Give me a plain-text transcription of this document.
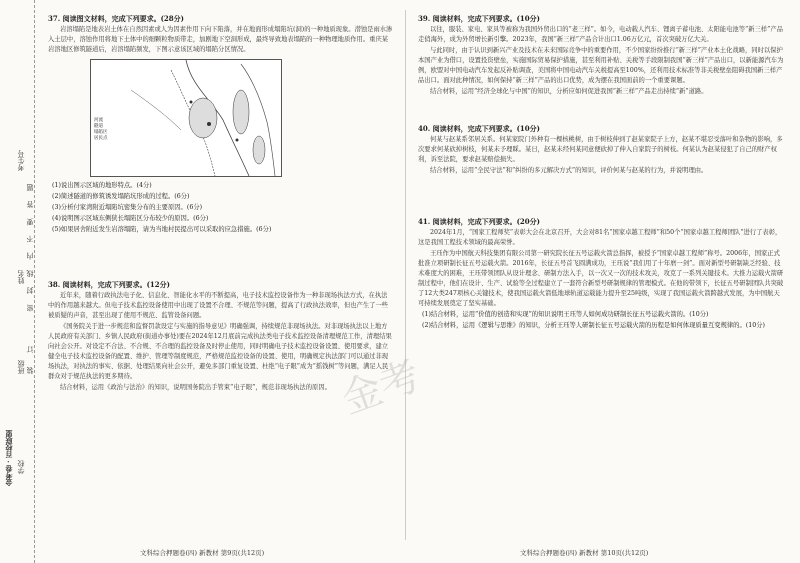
金考卷 · 百校联盟 学校
班级
姓名
考生号
密 封 线 内 不 要 答 题
装 订

37. 阅读图文材料，完成下列要求。(28分)

岩溶塌陷是地表岩土体在自然因素或人为因素作用下向下陷落，并在地面形成塌陷坑(洞)的一种地质现象。潜蚀是雨水渗入土层中，溶蚀作用将地下土体中的细颗粒物质带走，加剧地下空洞形成，最终导致地表塌陷的一种物理地质作用。重庆某岩溶地区修筑隧道后，岩溶塌陷频发，下图示意该区域的塌陷分区情况。

河流
隧道
塌陷区
居民点

(1)说出图示区域的地形特点。(4分)

(2)简述隧道的修筑诱发塌陷坑形成的过程。(6分)

(3)分析付家湾附近塌陷坑密集分布的主要原因。(6分)

(4)说明图示区域东侧狭长塌陷区分布较少的原因。(6分)

(5)如果居舍附近发生岩溶塌陷，请为当地村民提出可以采取的应急措施。(6分)

38. 阅读材料，完成下列要求。(12分)

近年来，随着行政执法电子化、信息化、智能化水平的不断提高，电子技术监控设备作为一种非现场执法方式，在执法中的作用越来越大。但电子技术监控设备使用中出现了设置不合理、不规范等问题，提高了行政执法效率，但也产生了一些被质疑的声音，甚至出现了使用不规范、监管设备问题。

《国务院关于进一步规范和监督罚款设定与实施的指导意见》明确强调，持续规范非现场执法。对非现场执法以上地方人民政府有关部门、乡镇人民政府(街道办事处)要在2024年12月底前完成执法类电子技术监控设备清理规范工作，清理结果向社会公开。对设定不合法、不合规、不合理的监控设备及时停止使用，同时明确电子技术监控设备设置、使用要求，建立健全电子技术监控设备的配置、维护、管理等制度规范，严格规范监控设备的设置、使用，明确规定执法部门可以通过非现场执法，对执法的事实、依据、处理结果向社会公开，避免多部门重复设置、杜绝“电子眼”成为“摇钱树”等问题，满足人民群众对于规范执法的更多期待。

结合材料，运用《政治与法治》的知识，说明国务院出手管束“电子眼”，规范非现场执法的原因。

文科综合押题卷(四) 新教材 第9页(共12页)

39. 阅读材料，完成下列要求。(10分)

以往，服装、家电、家具等被称为我国外贸出口的“老三样”。如今，电动载人汽车、锂离子蓄电池、太阳能电池等“新三样”产品走俏海外，成为外贸增长新引擎。2023年，我国“新三样”产品合计出口1.06万亿元，首次突破万亿大关。

与此同时，由于认识到新兴产业及技术在未来国际竞争中的重要作用，不少国家纷纷推行“新三样”产业本土化战略，同时以保护本国产业为借口，设置投资壁垒，实施国际贸易保护措施，甚至利用补贴、关税等手段限制我国“新三样”产品出口，以新能源汽车为例，欧盟对中国电动汽车发起反补贴调查，美国将中国电动汽车关税提高至100%，还利用技术标准等非关税壁垒阻碍我国新三样产品出口。面对此种情况，如何保持“新三样”产品的出口优势，成为摆在我国面前的一个重要课题。

结合材料，运用“经济全球化与中国”的知识，分析应如何促进我国“新三样”产品走出持续“新”道路。

40. 阅读材料，完成下列要求。(10分)

何某与赵某系邻居关系。何某家院门外种有一棵核桃树，由于树枝伸到了赵某家院子上方，赵某不堪忍受落叶和杂物的影响，多次要求何某砍掉树枝，何某未予理睬。某日，赵某未经何某同意便砍掉了伸入自家院子的树枝。何某认为赵某侵犯了自己的财产权利，诉至法院，要求赵某赔偿损失。

结合材料，运用“全民守法”和“纠纷的多元解决方式”的知识，评价何某与赵某的行为，并说明理由。

41. 阅读材料，完成下列要求。(20分)

2024年1月，“国家工程师奖”表彰大会在北京召开，大会对81名“国家卓越工程师”和50个“国家卓越工程师团队”进行了表彰，这是我国工程技术领域的最高荣誉。

王珏作为中国航天科技集团有限公司第一研究院长征五号运载火箭总指挥，被授予“国家卓越工程师”称号。2006年，国家正式批准立项研制长征五号运载火箭。2016年，长征五号首飞圆满成功，王珏说“我们用了十年磨一剑”。面对新型号研制缺乏经验、技术难度大的困难，王珏带领团队从设计理念、研制方法入手，以一次又一次的技术攻关，攻克了一系列关键技术。大推力运载火箭研制过程中，他们在设计、生产、试验等全过程建立了一套符合新型号研制规律的管理模式。在他的带领下，长征五号研制团队共突破了12大类247项核心关键技术，使我国运载火箭低地球轨道运载能力提升至25吨级，实现了我国运载火箭跨越式发展，为中国航天可持续发展奠定了坚实基础。

(1)结合材料，运用“价值的创造和实现”的知识说明王珏等人如何成功研制长征五号运载火箭的。(10分)

(2)结合材料，运用《逻辑与思维》的知识，分析王珏等人研制长征五号运载火箭的历程是如何体现质量互变规律的。(10分)

文科综合押题卷(四) 新教材 第10页(共12页)
金考
